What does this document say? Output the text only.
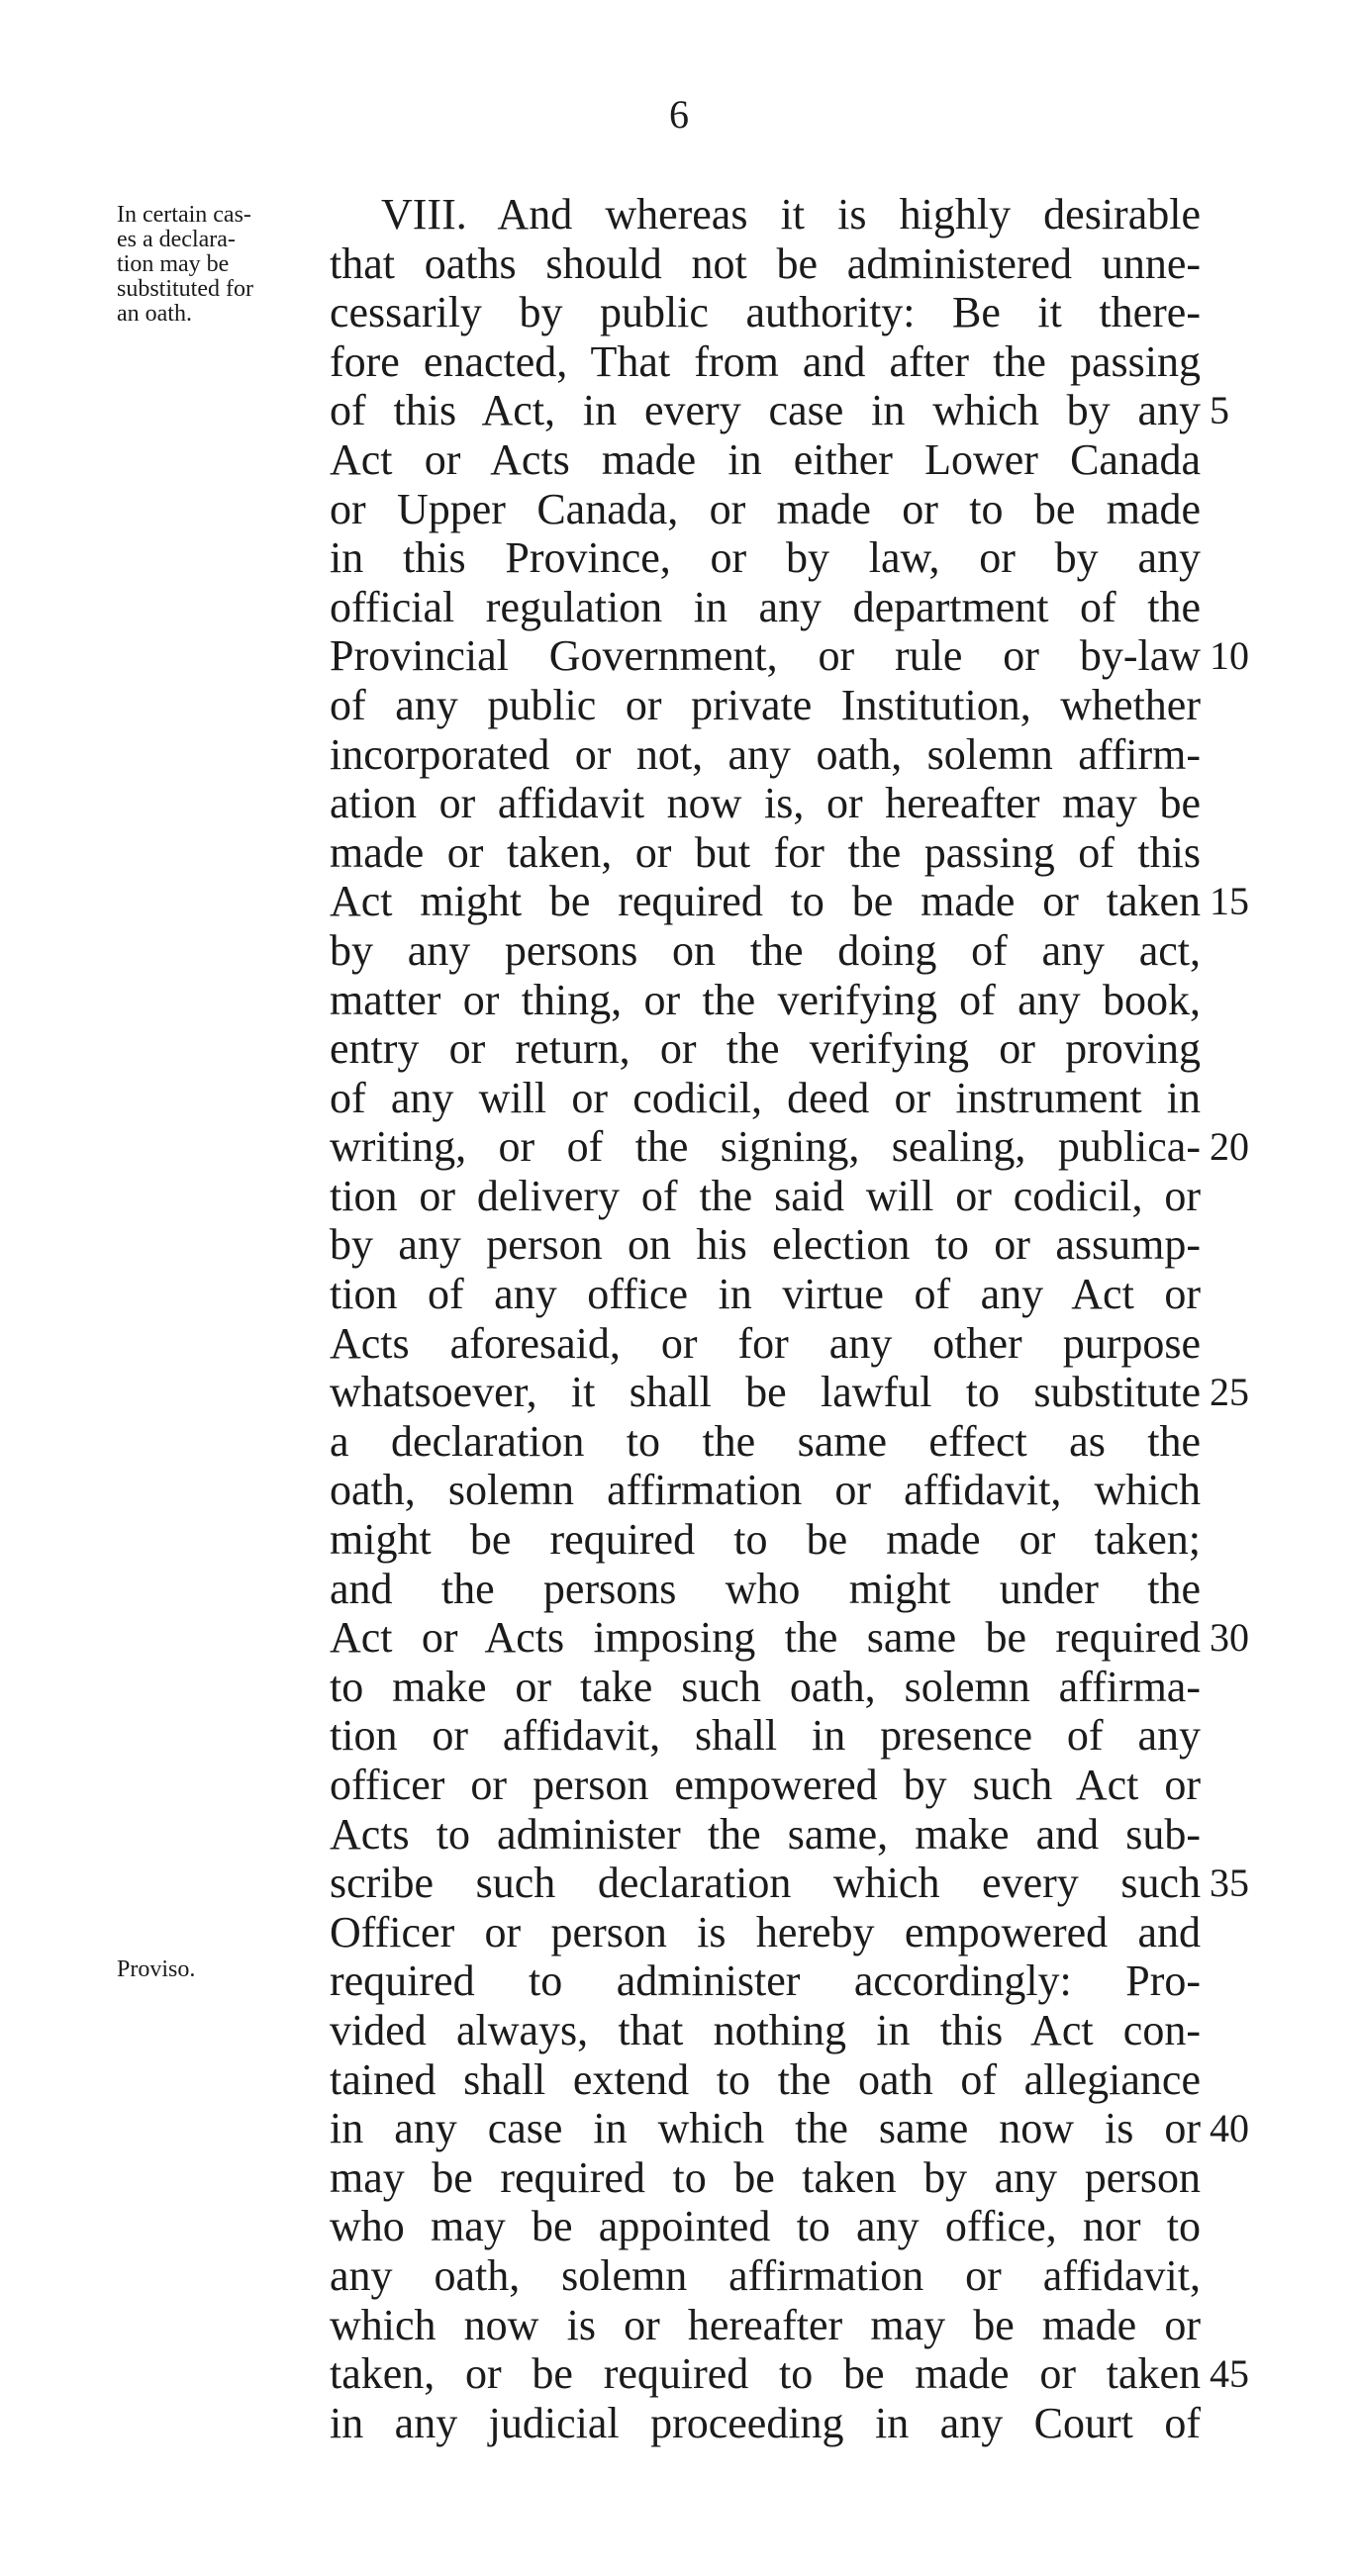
6
In certain cas-
es a declara-
tion may be
substituted for
an oath.
Proviso.
VIII. And whereas it is highly desirable
that oaths should not be administered unne-
cessarily by public authority: Be it there-
fore enacted, That from and after the passing
of this Act, in every case in which by any
Act or Acts made in either Lower Canada
or Upper Canada, or made or to be made
in this Province, or by law, or by any
official regulation in any department of the
Provincial Government, or rule or by-law
of any public or private Institution, whether
incorporated or not, any oath, solemn affirm-
ation or affidavit now is, or hereafter may be
made or taken, or but for the passing of this
Act might be required to be made or taken
by any persons on the doing of any act,
matter or thing, or the verifying of any book,
entry or return, or the verifying or proving
of any will or codicil, deed or instrument in
writing, or of the signing, sealing, publica-
tion or delivery of the said will or codicil, or
by any person on his election to or assump-
tion of any office in virtue of any Act or
Acts aforesaid, or for any other purpose
whatsoever, it shall be lawful to substitute
a declaration to the same effect as the
oath, solemn affirmation or affidavit, which
might be required to be made or taken;
and the persons who might under the
Act or Acts imposing the same be required
to make or take such oath, solemn affirma-
tion or affidavit, shall in presence of any
officer or person empowered by such Act or
Acts to administer the same, make and sub-
scribe such declaration which every such
Officer or person is hereby empowered and
required to administer accordingly: Pro-
vided always, that nothing in this Act con-
tained shall extend to the oath of allegiance
in any case in which the same now is or
may be required to be taken by any person
who may be appointed to any office, nor to
any oath, solemn affirmation or affidavit,
which now is or hereafter may be made or
taken, or be required to be made or taken
in any judicial proceeding in any Court of
5
10
15
20
25
30
35
40
45
